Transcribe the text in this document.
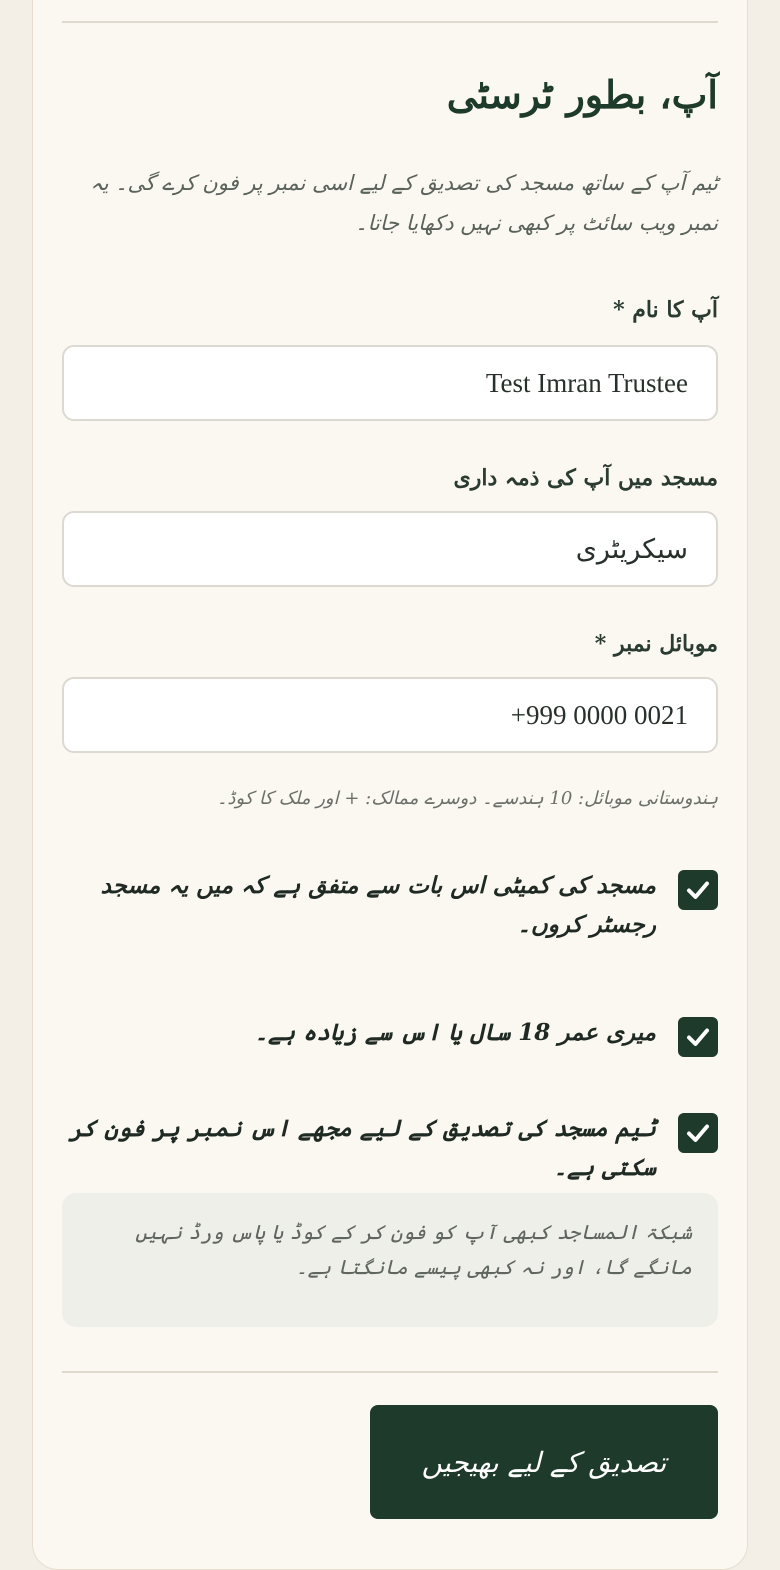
آپ، بطور ٹرسٹی
ٹیم آپ کے ساتھ مسجد کی تصدیق کے لیے اسی نمبر پر فون کرے گی۔ یہ نمبر ویب سائٹ پر کبھی نہیں دکھایا جاتا۔
آپ کا نام *
Test Imran Trustee
مسجد میں آپ کی ذمہ داری
سیکریٹری
موبائل نمبر *
+999 0000 0021
ہندوستانی موبائل: 10 ہندسے۔ دوسرے ممالک: + اور ملک کا کوڈ۔
مسجد کی کمیٹی اس بات سے متفق ہے کہ میں یہ مسجد رجسٹر کروں۔
میری عمر 18 سال یا اس سے زیادہ ہے۔
ٹیم مسجد کی تصدیق کے لیے مجھے اس نمبر پر فون کر سکتی ہے۔
شبکۃ المساجد کبھی آپ کو فون کر کے کوڈ یا پاس ورڈ نہیں مانگے گا، اور نہ کبھی پیسے مانگتا ہے۔
تصدیق کے لیے بھیجیں
